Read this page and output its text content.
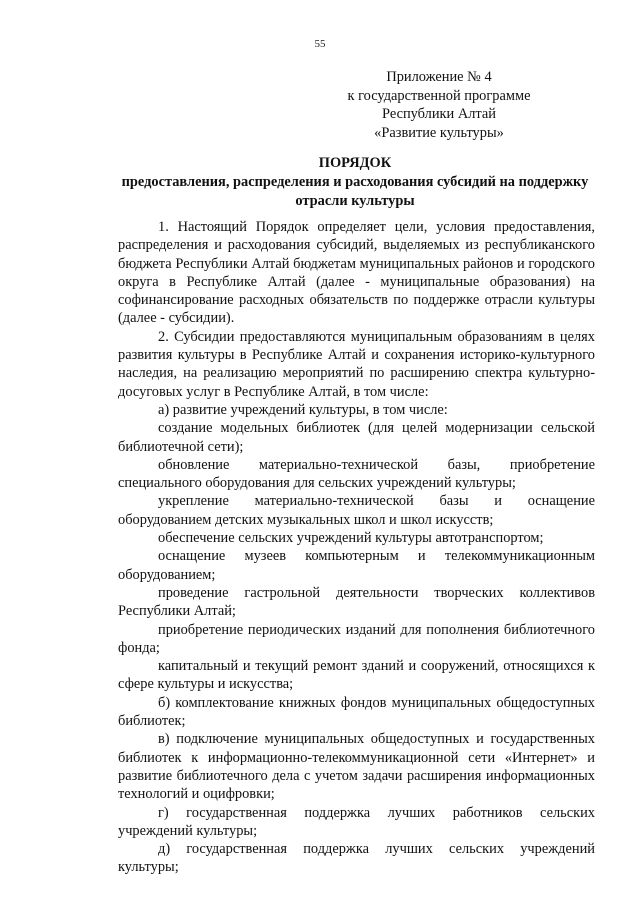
55
Приложение № 4
к государственной программе
Республики Алтай
«Развитие культуры»
ПОРЯДОК
предоставления, распределения и расходования субсидий на поддержку
отрасли культуры

1. Настоящий Порядок определяет цели, условия предоставления, распределения и расходования субсидий, выделяемых из республиканского бюджета Республики Алтай бюджетам муниципальных районов и городского округа в Республике Алтай (далее - муниципальные образования) на софинансирование расходных обязательств по поддержке отрасли культуры (далее - субсидии).

2. Субсидии предоставляются муниципальным образованиям в целях развития культуры в Республике Алтай и сохранения историко-культурного наследия, на реализацию мероприятий по расширению спектра культурно-досуговых услуг в Республике Алтай, в том числе:

а) развитие учреждений культуры, в том числе:

создание модельных библиотек (для целей модернизации сельской библиотечной сети);

обновление материально-технической базы, приобретение специального оборудования для сельских учреждений культуры;

укрепление материально-технической базы и оснащение оборудованием детских музыкальных школ и школ искусств;

обеспечение сельских учреждений культуры автотранспортом;

оснащение музеев компьютерным и телекоммуникационным оборудованием;

проведение гастрольной деятельности творческих коллективов Республики Алтай;

приобретение периодических изданий для пополнения библиотечного фонда;

капитальный и текущий ремонт зданий и сооружений, относящихся к сфере культуры и искусства;

б) комплектование книжных фондов муниципальных общедоступных библиотек;

в) подключение муниципальных общедоступных и государственных библиотек к информационно-телекоммуникационной сети «Интернет» и развитие библиотечного дела с учетом задачи расширения информационных технологий и оцифровки;

г) государственная поддержка лучших работников сельских учреждений культуры;

д) государственная поддержка лучших сельских учреждений культуры;
